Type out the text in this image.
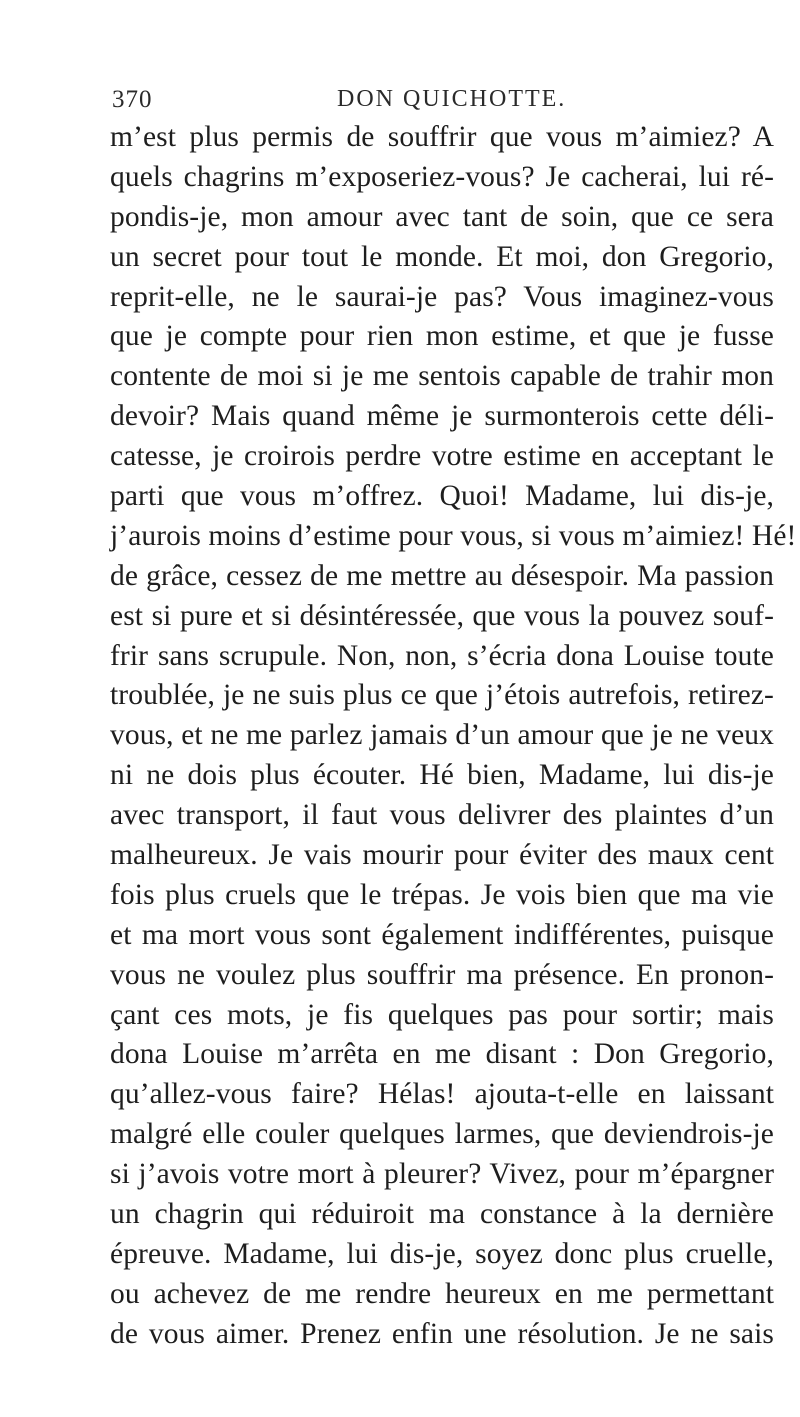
370	DON QUICHOTTE.
m’est plus permis de souffrir que vous m’aimiez? A
quels chagrins m’exposeriez-vous? Je cacherai, lui ré-
pondis-je, mon amour avec tant de soin, que ce sera
un secret pour tout le monde. Et moi, don Gregorio,
reprit-elle, ne le saurai-je pas? Vous imaginez-vous
que je compte pour rien mon estime, et que je fusse
contente de moi si je me sentois capable de trahir mon
devoir? Mais quand même je surmonterois cette déli-
catesse, je croirois perdre votre estime en acceptant le
parti que vous m’offrez. Quoi! Madame, lui dis-je,
j’aurois moins d’estime pour vous, si vous m’aimiez! Hé!
de grâce, cessez de me mettre au désespoir. Ma passion
est si pure et si désintéressée, que vous la pouvez souf-
frir sans scrupule. Non, non, s’écria dona Louise toute
troublée, je ne suis plus ce que j’étois autrefois, retirez-
vous, et ne me parlez jamais d’un amour que je ne veux
ni ne dois plus écouter. Hé bien, Madame, lui dis-je
avec transport, il faut vous delivrer des plaintes d’un
malheureux. Je vais mourir pour éviter des maux cent
fois plus cruels que le trépas. Je vois bien que ma vie
et ma mort vous sont également indifférentes, puisque
vous ne voulez plus souffrir ma présence. En pronon-
çant ces mots, je fis quelques pas pour sortir; mais
dona Louise m’arrêta en me disant : Don Gregorio,
qu’allez-vous faire? Hélas! ajouta-t-elle en laissant
malgré elle couler quelques larmes, que deviendrois-je
si j’avois votre mort à pleurer? Vivez, pour m’épargner
un chagrin qui réduiroit ma constance à la dernière
épreuve. Madame, lui dis-je, soyez donc plus cruelle,
ou achevez de me rendre heureux en me permettant
de vous aimer. Prenez enfin une résolution. Je ne sais
